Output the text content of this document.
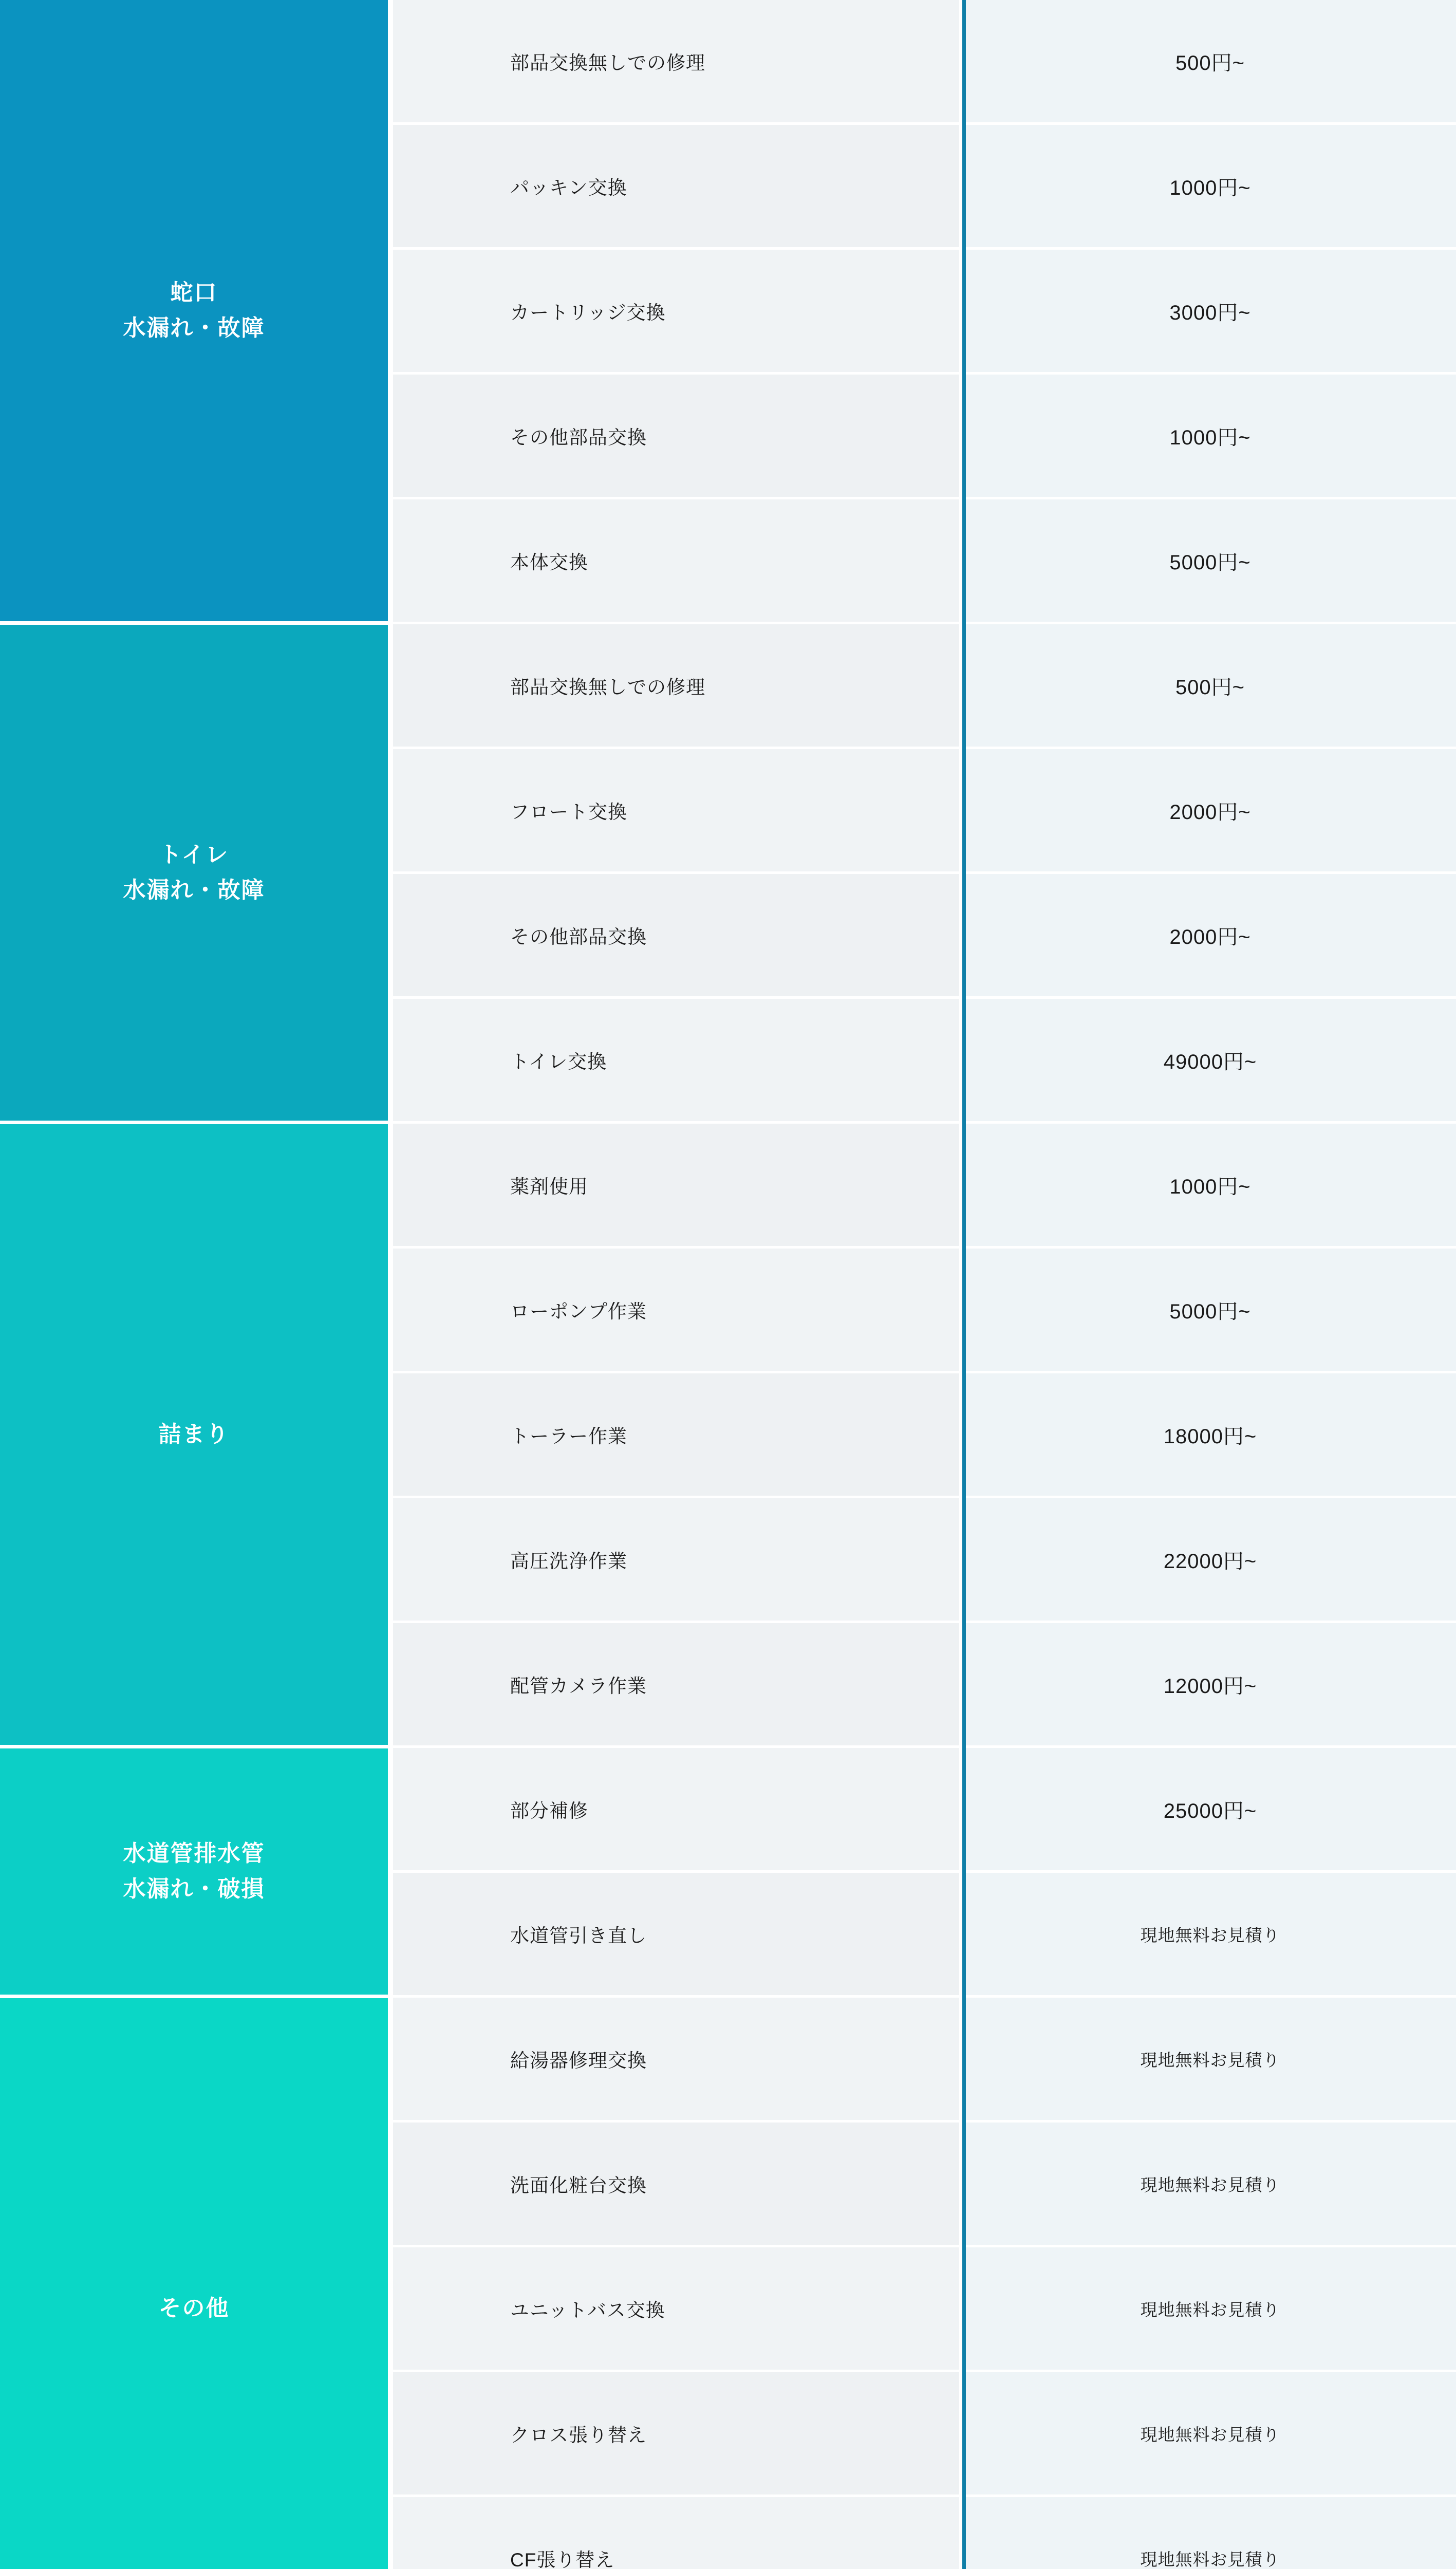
蛇口
水漏れ・故障	部品交換無しでの修理	500円~
	パッキン交換	1000円~
	カートリッジ交換	3000円~
	その他部品交換	1000円~
	本体交換	5000円~

トイレ
水漏れ・故障	部品交換無しでの修理	500円~
	フロート交換	2000円~
	その他部品交換	2000円~
	トイレ交換	49000円~

詰まり	薬剤使用	1000円~
	ローポンプ作業	5000円~
	トーラー作業	18000円~
	高圧洗浄作業	22000円~
	配管カメラ作業	12000円~

水道管排水管
水漏れ・破損	部分補修	25000円~
	水道管引き直し	現地無料お見積り

その他	給湯器修理交換	現地無料お見積り
	洗面化粧台交換	現地無料お見積り
	ユニットバス交換	現地無料お見積り
	クロス張り替え	現地無料お見積り
	CF張り替え	現地無料お見積り
